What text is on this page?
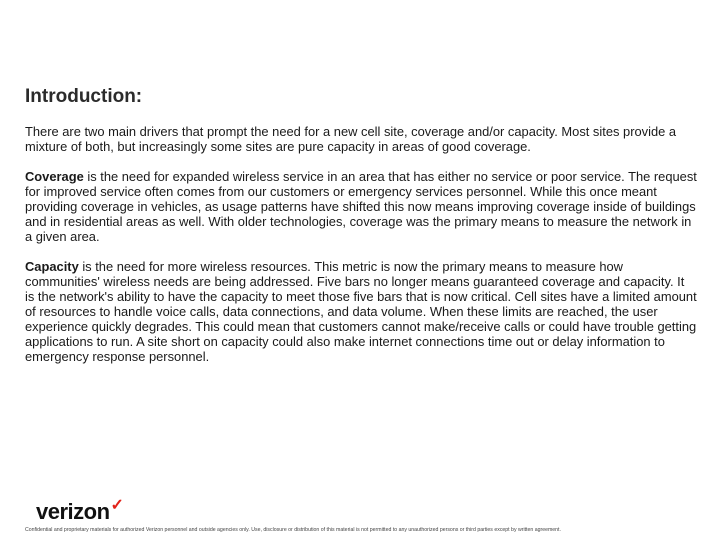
Introduction:

There are two main drivers that prompt the need for a new cell site, coverage and/or capacity. Most sites provide a mixture of both, but increasingly some sites are pure capacity in areas of good coverage.

Coverage is the need for expanded wireless service in an area that has either no service or poor service. The request for improved service often comes from our customers or emergency services personnel. While this once meant providing coverage in vehicles, as usage patterns have shifted this now means improving coverage inside of buildings and in residential areas as well. With older technologies, coverage was the primary means to measure the network in a given area.

Capacity is the need for more wireless resources. This metric is now the primary means to measure how communities' wireless needs are being addressed. Five bars no longer means guaranteed coverage and capacity. It is the network's ability to have the capacity to meet those five bars that is now critical. Cell sites have a limited amount of resources to handle voice calls, data connections, and data volume. When these limits are reached, the user experience quickly degrades. This could mean that customers cannot make/receive calls or could have trouble getting applications to run. A site short on capacity could also make internet connections time out or delay information to emergency response personnel.

verizon✓
Confidential and proprietary materials for authorized Verizon personnel and outside agencies only. Use, disclosure or distribution of this material is not permitted to any unauthorized persons or third parties except by written agreement.
